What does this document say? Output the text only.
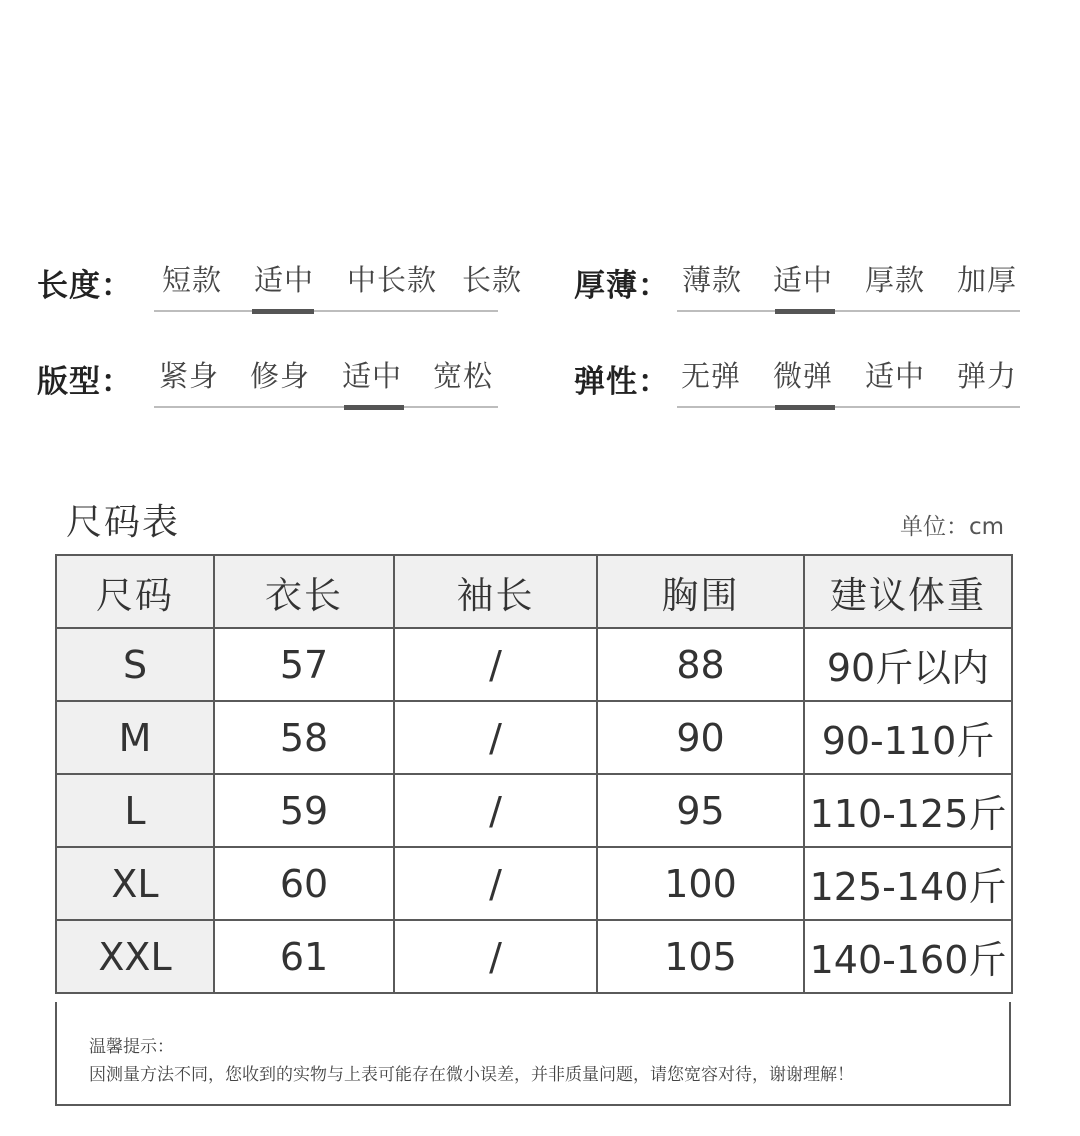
长度： 短款 适中 中长款 长款 厚薄： 薄款 适中 厚款 加厚
版型： 紧身 修身 适中 宽松	弹性： 无弹 微弹 适中 弹力
尺码表	单位：cm
尺码	衣长	袖长	胸围	建议体重
S	57	/	88	90斤以内
M	58	/	90	90-110斤
L	59	/	95	110-125斤
XL	60	/	100	125-140斤
XXL	61	/	105	140-160斤
温馨提示：
因测量方法不同，您收到的实物与上表可能存在微小误差，并非质量问题，请您宽容对待，谢谢理解！
